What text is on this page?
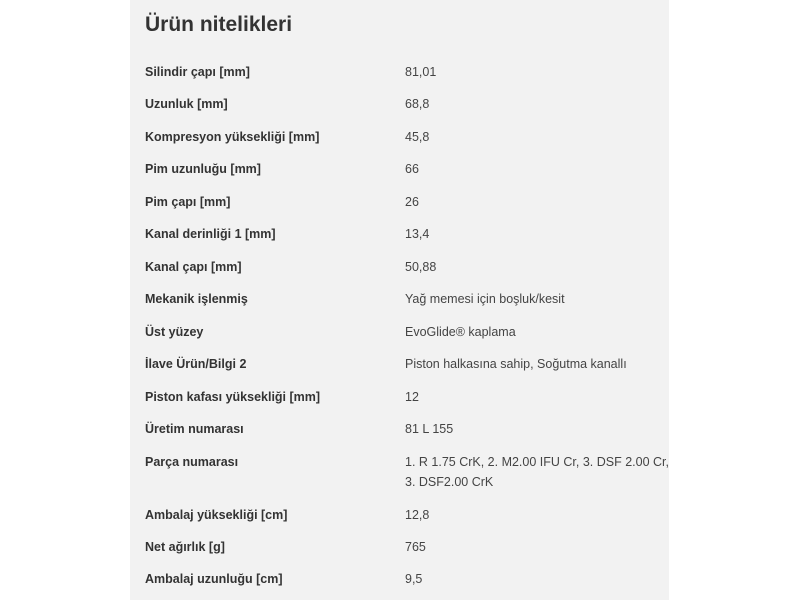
Ürün nitelikleri
Silindir çapı [mm]	81,01
Uzunluk [mm]	68,8
Kompresyon yüksekliği [mm]	45,8
Pim uzunluğu [mm]	66
Pim çapı [mm]	26
Kanal derinliği 1 [mm]	13,4
Kanal çapı [mm]	50,88
Mekanik işlenmiş	Yağ memesi için boşluk/kesit
Üst yüzey	EvoGlide® kaplama
İlave Ürün/Bilgi 2	Piston halkasına sahip, Soğutma kanallı
Piston kafası yüksekliği [mm]	12
Üretim numarası	81 L 155
Parça numarası	1. R 1.75 CrK, 2. M2.00 IFU Cr, 3. DSF 2.00 Cr, 3. DSF2.00 CrK
Ambalaj yüksekliği [cm]	12,8
Net ağırlık [g]	765
Ambalaj uzunluğu [cm]	9,5
